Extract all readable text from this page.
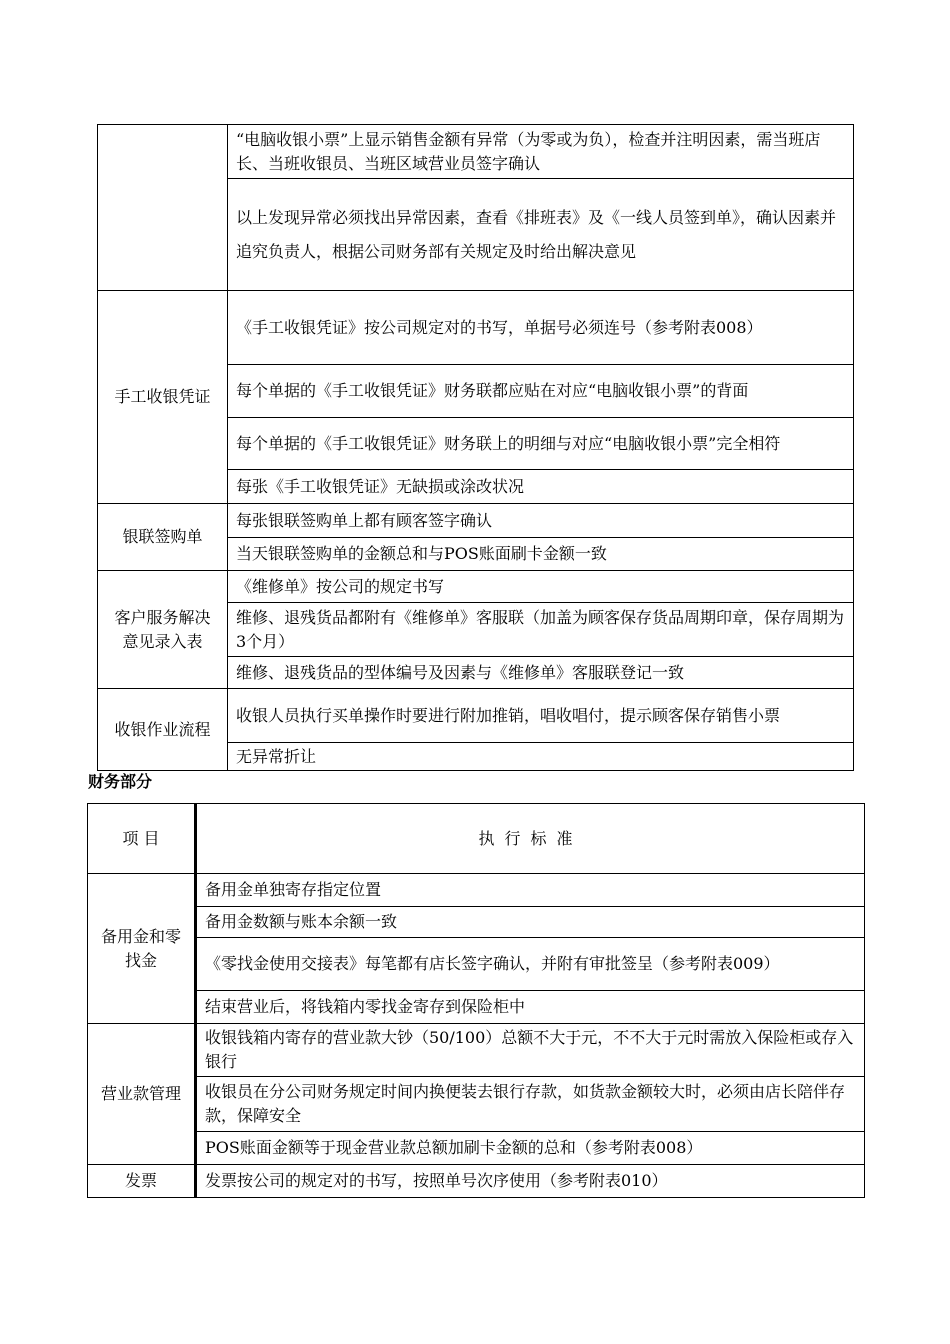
	“电脑收银小票”上显示销售金额有异常（为零或为负），检查并注明因素，需当班店长、当班收银员、当班区域营业员签字确认
	以上发现异常必须找出异常因素，查看《排班表》及《一线人员签到单》，确认因素并追究负责人，根据公司财务部有关规定及时给出解决意见
手工收银凭证	《手工收银凭证》按公司规定对的书写，单据号必须连号（参考附表008）
	每个单据的《手工收银凭证》财务联都应贴在对应“电脑收银小票”的背面
	每个单据的《手工收银凭证》财务联上的明细与对应“电脑收银小票”完全相符
	每张《手工收银凭证》无缺损或涂改状况
银联签购单	每张银联签购单上都有顾客签字确认
	当天银联签购单的金额总和与POS账面刷卡金额一致
客户服务解决意见录入表	《维修单》按公司的规定书写
	维修、退残货品都附有《维修单》客服联（加盖为顾客保存货品周期印章，保存周期为3个月）
	维修、退残货品的型体编号及因素与《维修单》客服联登记一致
收银作业流程	收银人员执行买单操作时要进行附加推销，唱收唱付，提示顾客保存销售小票
	无异常折让
财务部分
项 目	执行标准
备用金和零找金	备用金单独寄存指定位置
	备用金数额与账本余额一致
	《零找金使用交接表》每笔都有店长签字确认，并附有审批签呈（参考附表009）
	结束营业后，将钱箱内零找金寄存到保险柜中
营业款管理	收银钱箱内寄存的营业款大钞（50/100）总额不大于元，不不大于元时需放入保险柜或存入银行
	收银员在分公司财务规定时间内换便装去银行存款，如货款金额较大时，必须由店长陪伴存款，保障安全
	POS账面金额等于现金营业款总额加刷卡金额的总和（参考附表008）
发票	发票按公司的规定对的书写，按照单号次序使用（参考附表010）
